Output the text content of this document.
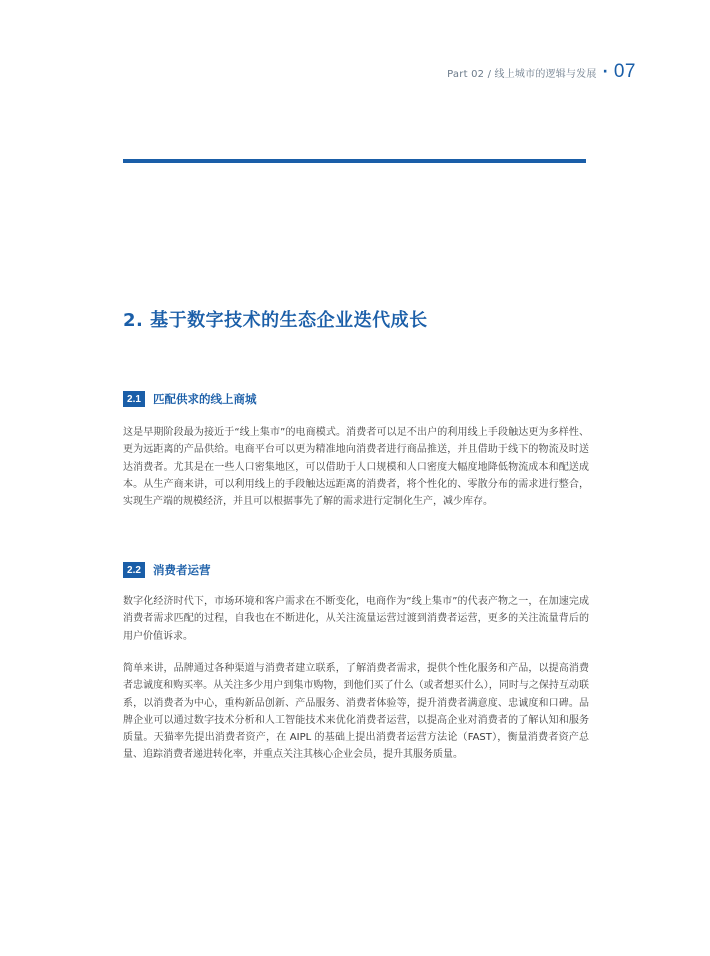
Part 02 / 线上城市的逻辑与发展 · 07
2. 基于数字技术的生态企业迭代成长
2.1	匹配供求的线上商城

这是早期阶段最为接近于“线上集市”的电商模式。消费者可以足不出户的利用线上手段触达更为多样性、更为远距离的产品供给。电商平台可以更为精准地向消费者进行商品推送，并且借助于线下的物流及时送达消费者。尤其是在一些人口密集地区，可以借助于人口规模和人口密度大幅度地降低物流成本和配送成本。从生产商来讲，可以利用线上的手段触达远距离的消费者，将个性化的、零散分布的需求进行整合，实现生产端的规模经济，并且可以根据事先了解的需求进行定制化生产，减少库存。

2.2	消费者运营

数字化经济时代下，市场环境和客户需求在不断变化，电商作为“线上集市”的代表产物之一，在加速完成消费者需求匹配的过程，自我也在不断进化，从关注流量运营过渡到消费者运营，更多的关注流量背后的用户价值诉求。

简单来讲，品牌通过各种渠道与消费者建立联系，了解消费者需求，提供个性化服务和产品，以提高消费者忠诚度和购买率。从关注多少用户到集市购物，到他们买了什么（或者想买什么），同时与之保持互动联系，以消费者为中心，重构新品创新、产品服务、消费者体验等，提升消费者满意度、忠诚度和口碑。品牌企业可以通过数字技术分析和人工智能技术来优化消费者运营，以提高企业对消费者的了解认知和服务质量。天猫率先提出消费者资产，在 AIPL 的基础上提出消费者运营方法论（FAST），衡量消费者资产总量、追踪消费者递进转化率，并重点关注其核心企业会员，提升其服务质量。
